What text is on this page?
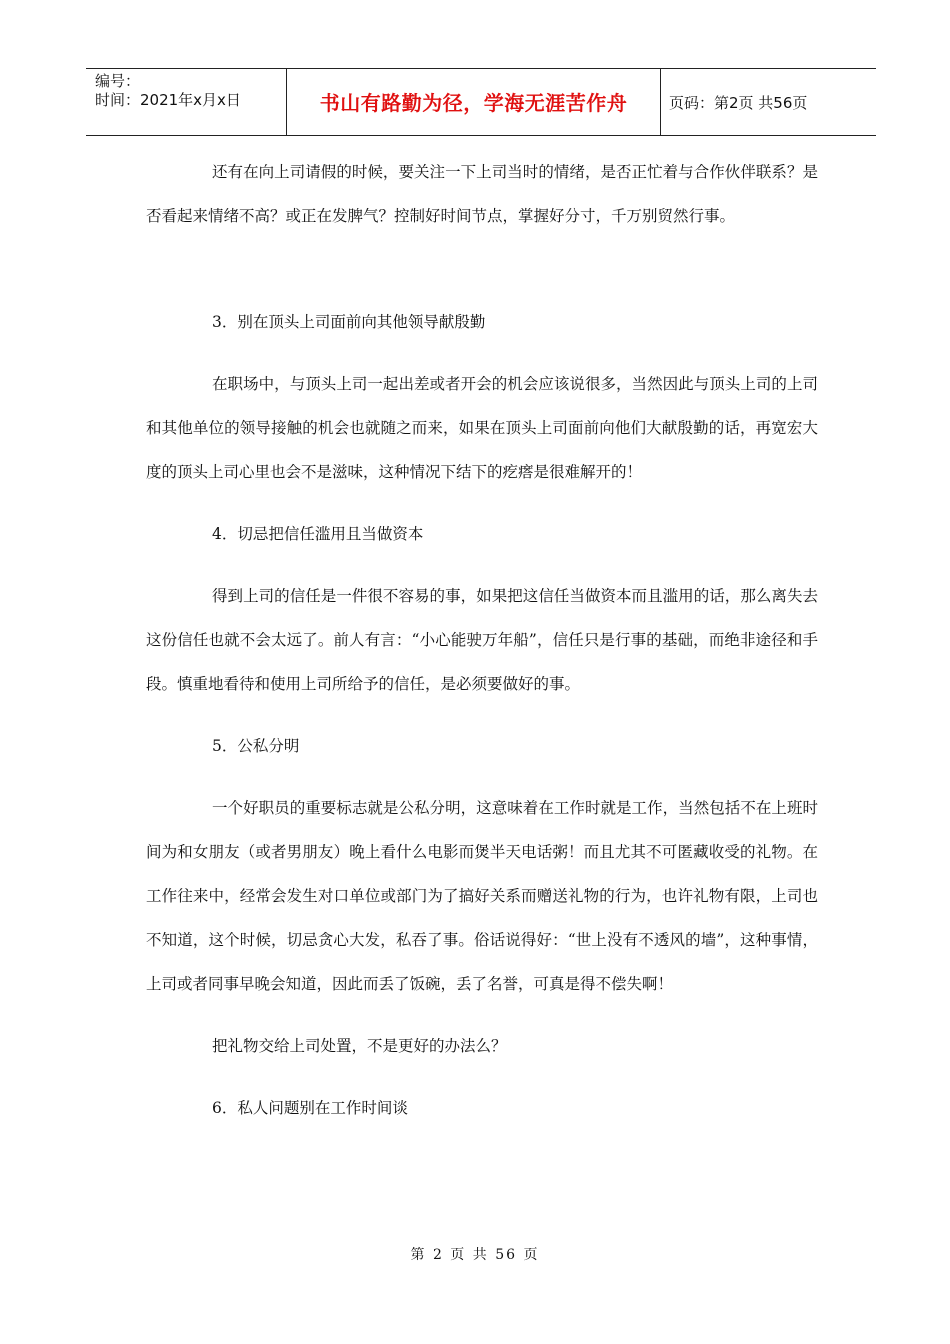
编号：
时间：2021年x月x日	书山有路勤为径，学海无涯苦作舟	页码：第2页 共56页

还有在向上司请假的时候，要关注一下上司当时的情绪，是否正忙着与合作伙伴联系？是否看起来情绪不高？或正在发脾气？控制好时间节点，掌握好分寸，千万别贸然行事。

3．别在顶头上司面前向其他领导献殷勤

在职场中，与顶头上司一起出差或者开会的机会应该说很多，当然因此与顶头上司的上司和其他单位的领导接触的机会也就随之而来，如果在顶头上司面前向他们大献殷勤的话，再宽宏大度的顶头上司心里也会不是滋味，这种情况下结下的疙瘩是很难解开的！

4．切忌把信任滥用且当做资本

得到上司的信任是一件很不容易的事，如果把这信任当做资本而且滥用的话，那么离失去这份信任也就不会太远了。前人有言：“小心能驶万年船”，信任只是行事的基础，而绝非途径和手段。慎重地看待和使用上司所给予的信任，是必须要做好的事。

5．公私分明

一个好职员的重要标志就是公私分明，这意味着在工作时就是工作，当然包括不在上班时间为和女朋友（或者男朋友）晚上看什么电影而煲半天电话粥！而且尤其不可匿藏收受的礼物。在工作往来中，经常会发生对口单位或部门为了搞好关系而赠送礼物的行为，也许礼物有限，上司也不知道，这个时候，切忌贪心大发，私吞了事。俗话说得好：“世上没有不透风的墙”，这种事情，上司或者同事早晚会知道，因此而丢了饭碗，丢了名誉，可真是得不偿失啊！

把礼物交给上司处置，不是更好的办法么？

6．私人问题别在工作时间谈

第 2 页 共 56 页
